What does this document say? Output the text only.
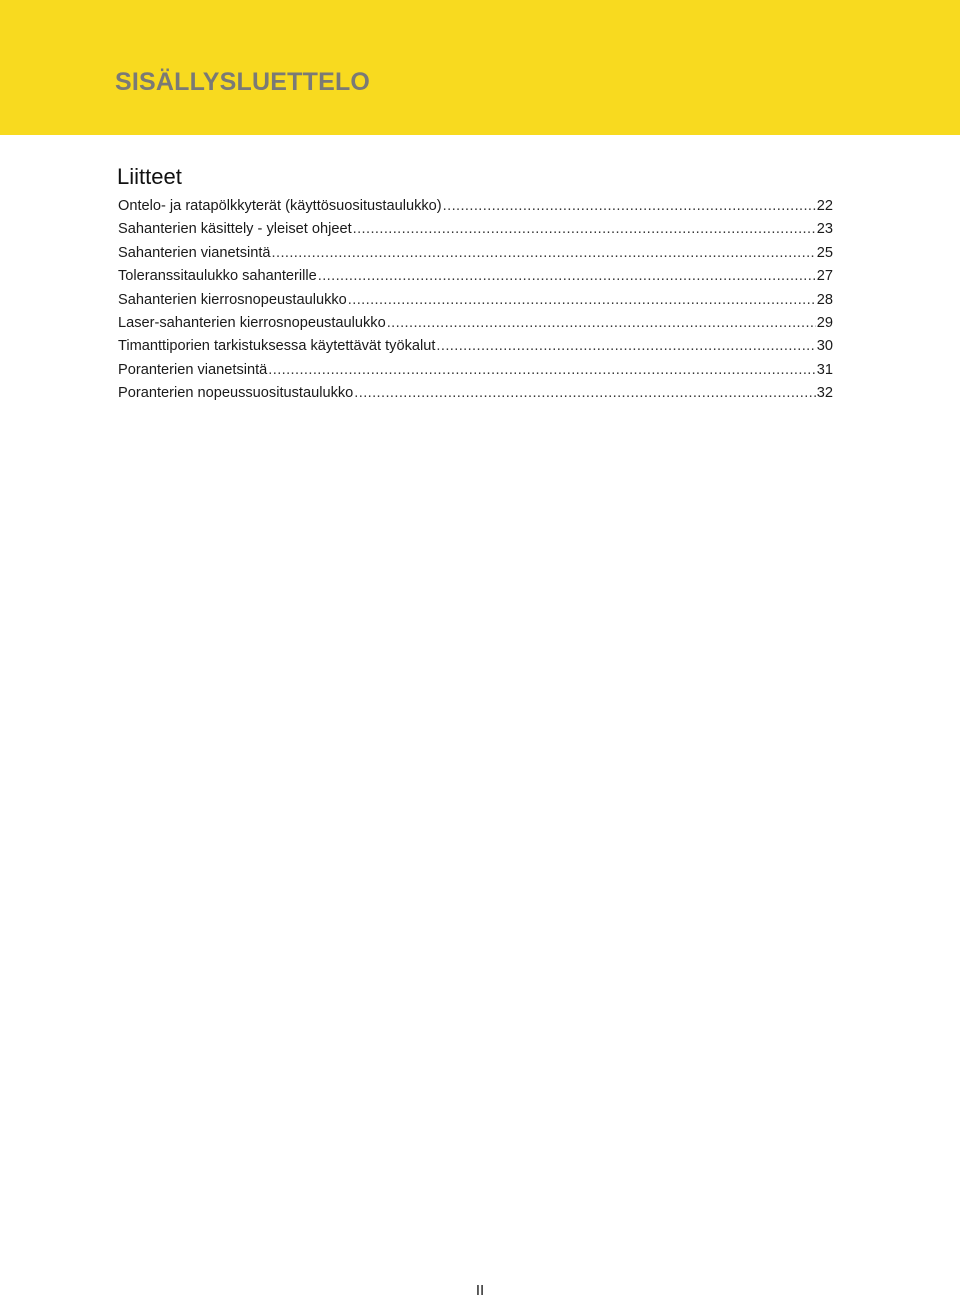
SISÄLLYSLUETTELO
Liitteet
Ontelo- ja ratapölkkyterät (käyttösuositustaulukko) .....	22
Sahanterien käsittely - yleiset ohjeet .....	23
Sahanterien vianetsintä .....	25
Toleranssitaulukko sahanterille .....	27
Sahanterien kierrosnopeustaulukko .....	28
Laser-sahanterien kierrosnopeustaulukko .....	29
Timanttiporien tarkistuksessa käytettävät työkalut .....	30
Poranterien vianetsintä .....	31
Poranterien nopeussuositustaulukko .....	32
II
